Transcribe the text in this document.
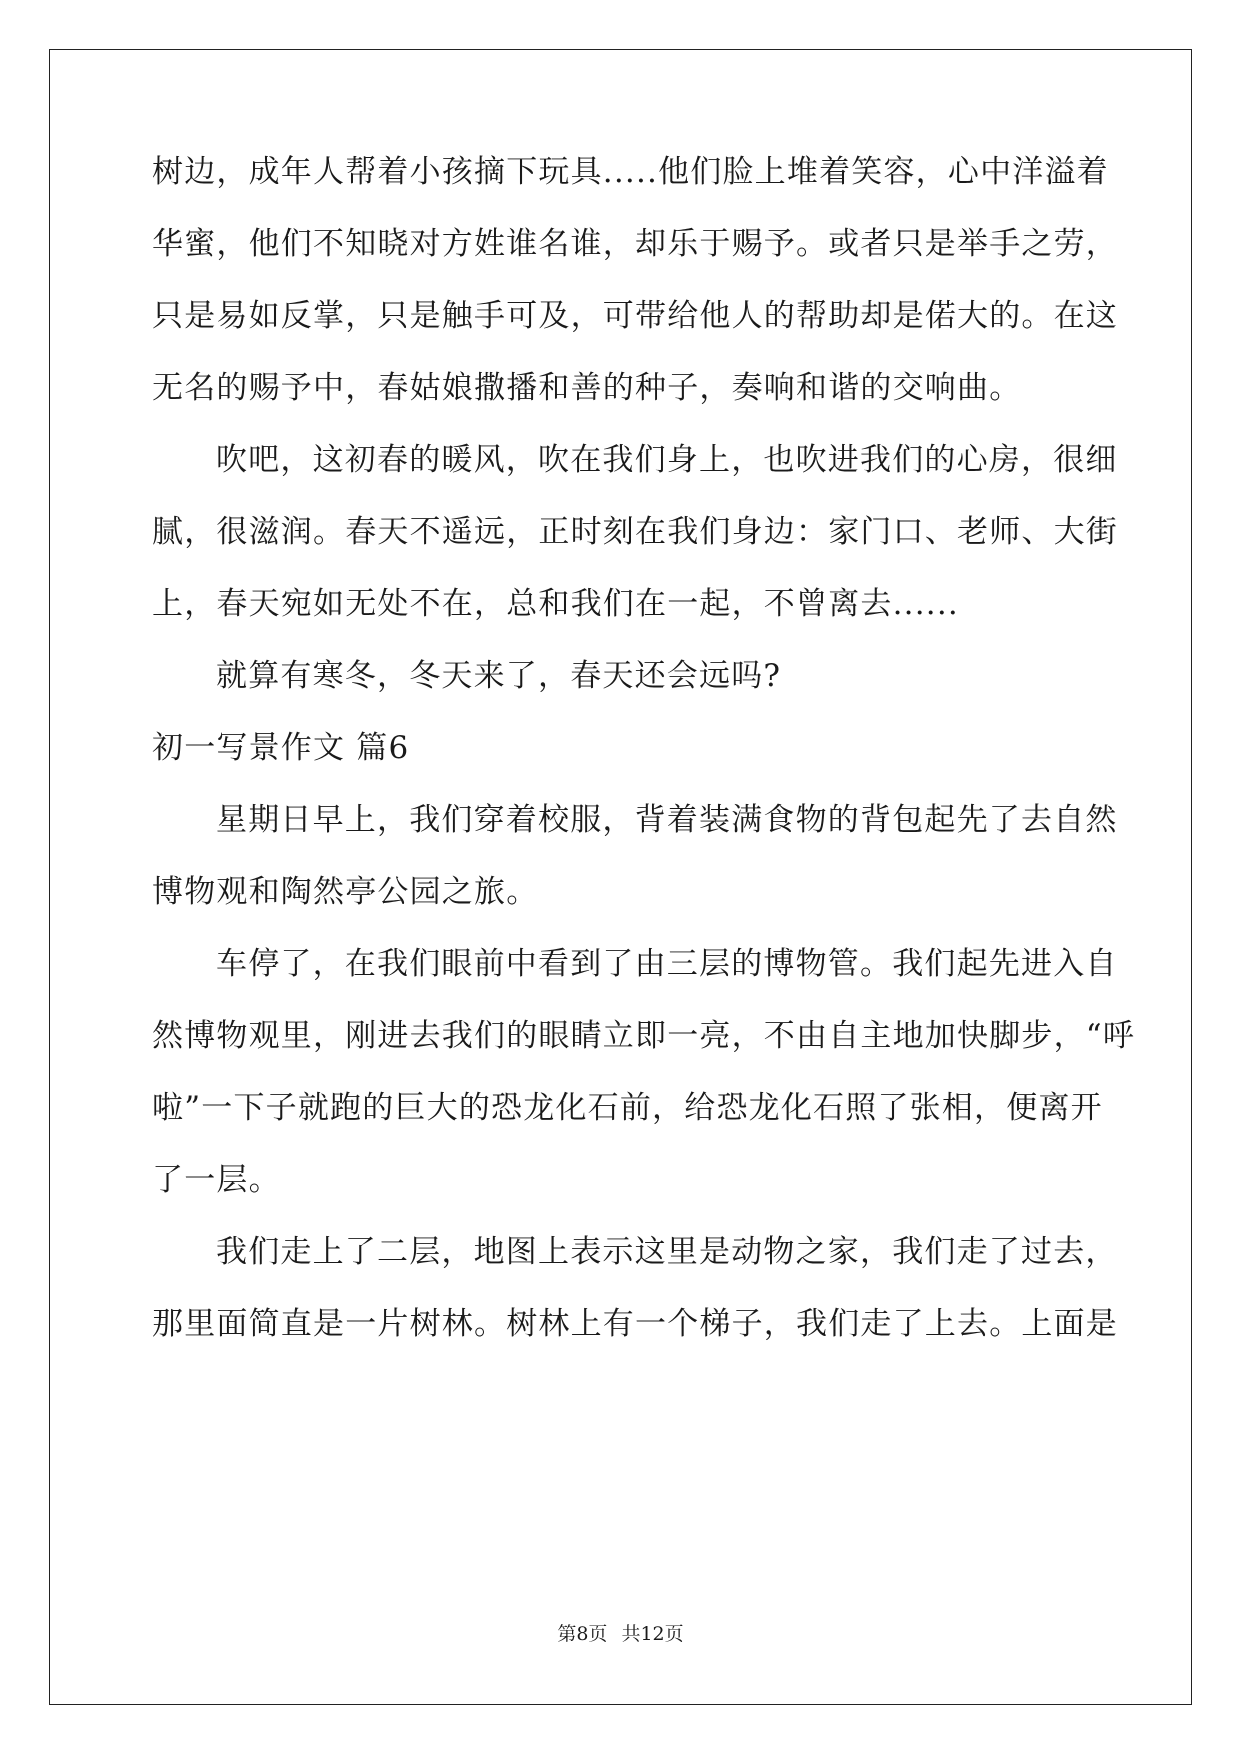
树边，成年人帮着小孩摘下玩具.....他们脸上堆着笑容，心中洋溢着
华蜜，他们不知晓对方姓谁名谁，却乐于赐予。或者只是举手之劳，
只是易如反掌，只是触手可及，可带给他人的帮助却是偌大的。在这
无名的赐予中，春姑娘撒播和善的种子，奏响和谐的交响曲。
吹吧，这初春的暖风，吹在我们身上，也吹进我们的心房，很细
腻，很滋润。春天不遥远，正时刻在我们身边：家门口、老师、大街
上，春天宛如无处不在，总和我们在一起，不曾离去......
就算有寒冬，冬天来了，春天还会远吗?
初一写景作文 篇6
星期日早上，我们穿着校服，背着装满食物的背包起先了去自然
博物观和陶然亭公园之旅。
车停了，在我们眼前中看到了由三层的博物管。我们起先进入自
然博物观里，刚进去我们的眼睛立即一亮，不由自主地加快脚步，“呼
啦”一下子就跑的巨大的恐龙化石前，给恐龙化石照了张相，便离开
了一层。
我们走上了二层，地图上表示这里是动物之家，我们走了过去，
那里面简直是一片树林。树林上有一个梯子，我们走了上去。上面是
第8页 共12页
